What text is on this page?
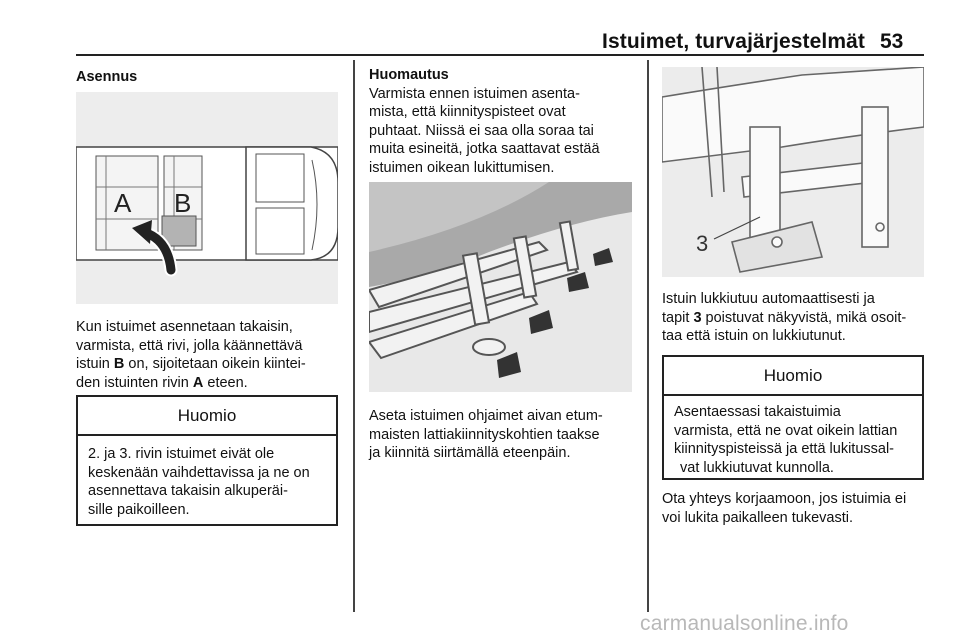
Istuimet, turvajärjestelmät 53
Asennus
A B

Kun istuimet asennetaan takaisin,
varmista, että rivi, jolla käännettävä
istuin B on, sijoitetaan oikein kiintei-
den istuinten rivin A eteen.

Huomio
2. ja 3. rivin istuimet eivät ole
keskenään vaihdettavissa ja ne on
asennettava takaisin alkuperäi-
sille paikoilleen.

Huomautus
Varmista ennen istuimen asenta-
mista, että kiinnityspisteet ovat
puhtaat. Niissä ei saa olla soraa tai
muita esineitä, jotka saattavat estää
istuimen oikean lukittumisen.

Aseta istuimen ohjaimet aivan etum-
maisten lattiakiinnityskohtien taakse
ja kiinnitä siirtämällä eteenpäin.

3

Istuin lukkiutuu automaattisesti ja
tapit 3 poistuvat näkyvistä, mikä osoit-
taa että istuin on lukkiutunut.

Huomio
Asentaessasi takaistuimia
varmista, että ne ovat oikein lattian
kiinnityspisteissä ja että lukitussal-
vat lukkiutuvat kunnolla.

Ota yhteys korjaamoon, jos istuimia ei
voi lukita paikalleen tukevasti.

carmanualsonline.info
